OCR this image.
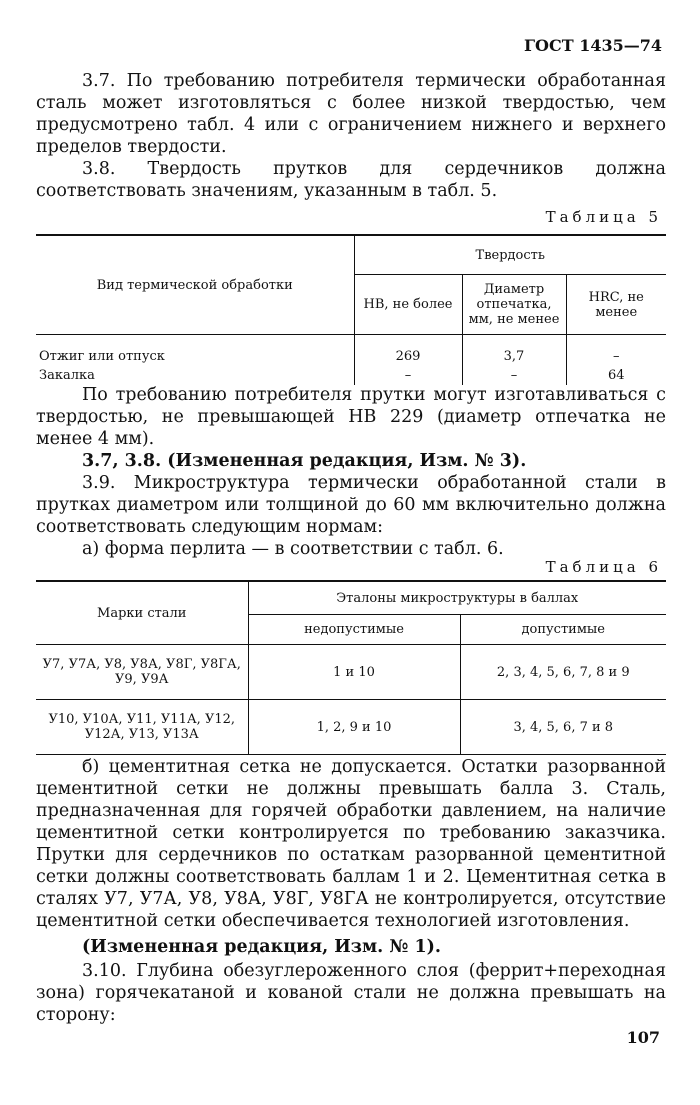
ГОСТ 1435—74
3.7. По требованию потребителя термически обработанная сталь может изготовляться с более низкой твердостью, чем предусмотрено табл. 4 или с ограничением нижнего и верхнего пределов твердости.
3.8. Твердость прутков для сердечников должна соответствовать значениям, указанным в табл. 5.
Таблица 5
Вид термической обработки	Твердость		
	НВ, не более	Диаметр отпечатка, мм, не менее	HRC, не менее
Отжиг или отпуск	269	3,7	–
Закалка	–	–	64
По требованию потребителя прутки могут изготавливаться с твердостью, не превышающей НВ 229 (диаметр отпечатка не менее 4 мм).
3.7, 3.8. (Измененная редакция, Изм. № 3).
3.9. Микроструктура термически обработанной стали в прутках диаметром или толщиной до 60 мм включительно должна соответствовать следующим нормам:
а) форма перлита — в соответствии с табл. 6.
Таблица 6
Марки стали	Эталоны микроструктуры в баллах	
	недопустимые	допустимые
У7, У7А, У8, У8А, У8Г, У8ГА, У9, У9А	1 и 10	2, 3, 4, 5, 6, 7, 8 и 9
У10, У10А, У11, У11А, У12, У12А, У13, У13А	1, 2, 9 и 10	3, 4, 5, 6, 7 и 8
б) цементитная сетка не допускается. Остатки разорванной цементитной сетки не должны превышать балла 3. Сталь, предназначенная для горячей обработки давлением, на наличие цементитной сетки контролируется по требованию заказчика. Прутки для сердечников по остаткам разорванной цементитной сетки должны соответствовать баллам 1 и 2. Цементитная сетка в сталях У7, У7А, У8, У8А, У8Г, У8ГА не контролируется, отсутствие цементитной сетки обеспечивается технологией изготовления.
(Измененная редакция, Изм. № 1).
3.10. Глубина обезуглероженного слоя (феррит+переходная зона) горячекатаной и кованой стали не должна превышать на сторону:
107
